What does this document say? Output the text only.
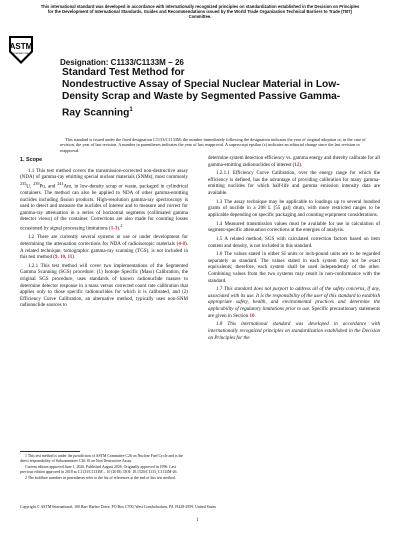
This international standard was developed in accordance with internationally recognized principles on standardization established in the Decision on Principles for the Development of International Standards, Guides and Recommendations issued by the World Trade Organization Technical Barriers to Trade (TBT) Committee.
ASTM
INTERNATIONAL
Designation: C1133/C1133M − 26
Standard Test Method for
Nondestructive Assay of Special Nuclear Material in Low-
Density Scrap and Waste by Segmented Passive Gamma-
Ray Scanning$^1$
This standard is issued under the fixed designation C1133/C1133M; the number immediately following the designation indicates the year of original adoption or, in the case of revision, the year of last revision. A number in parentheses indicates the year of last reapproval. A superscript epsilon (ε) indicates an editorial change since the last revision or reapproval.

1. Scope

1.1 This test method covers the transmission-corrected non-destructive assay (NDA) of gamma-ray emitting special nuclear materials (SNMs), most commonly $^{235}$U, $^{239}$Pu, and $^{241}$Am, in low-density scrap or waste, packaged in cylindrical containers. The method can also be applied to NDA of other gamma-emitting nuclides including fission products. High-resolution gamma-ray spectroscopy is used to detect and measure the nuclides of interest and to measure and correct for gamma-ray attenuation in a series of horizontal segments (collimated gamma detector views) of the container. Corrections are also made for counting losses occasioned by signal processing limitations (1-3).$^2$

1.2 There are currently several systems in use or under development for determining the attenuation corrections for NDA of radioisotopic materials (4-8). A related technique, tomographic gamma-ray scanning (TGS), is not included in this test method (9, 10, 11).

1.2.1 This test method will cover two implementations of the Segmented Gamma Scanning (SGS) procedure: (1) Isotope Specific (Mass) Calibration, the original SGS procedure, uses standards of known radionuclide masses to determine detector response in a mass versus corrected count rate calibration that applies only to those specific radionuclides for which it is calibrated, and (2) Efficiency Curve Calibration, an alternative method, typically uses non-SNM radionuclide sources to

determine system detection efficiency vs. gamma energy and thereby calibrate for all gamma-emitting radionuclides of interest (12).

1.2.1.1 Efficiency Curve Calibration, over the energy range for which the efficiency is defined, has the advantage of providing calibration for many gamma-emitting nuclides for which half-life and gamma emission intensity data are available.

1.3 The assay technique may be applicable to loadings up to several hundred grams of nuclide in a 208 L [55 gal] drum, with more restricted ranges to be applicable depending on specific packaging and counting equipment considerations.

1.4 Measured transmission values must be available for use in calculation of segment-specific attenuation corrections at the energies of analysis.

1.5 A related method, SGS with calculated correction factors based on item content and density, is not included in this standard.

1.6 The values stated in either SI units or inch-pound units are to be regarded separately as standard. The values stated in each system may not be exact equivalents; therefore, each system shall be used independently of the other. Combining values from the two systems may result in non-conformance with the standard.

1.7 This standard does not purport to address all of the safety concerns, if any, associated with its use. It is the responsibility of the user of this standard to establish appropriate safety, health, and environmental practices and determine the applicability of regulatory limitations prior to use. Specific precautionary statements are given in Section 10.

1.8 This international standard was developed in accordance with internationally recognized principles on standardization established in the Decision on Principles for the

1 This test method is under the jurisdiction of ASTM Committee C26 on Nuclear Fuel Cycle and is the direct responsibility of Subcommittee C26.10 on Non Destructive Assay.

Current edition approved June 1, 2026. Published August 2026. Originally approved in 1996. Last previous edition approved in 2018 as C1133/C1133M – 10 (2018). DOI: 10.1520/C1133_C1133M-26.

2 The boldface numbers in parentheses refer to the list of references at the end of this test method.

Copyright © ASTM International, 100 Barr Harbor Drive, PO Box C700, West Conshohocken, PA 19428-2959. United States
1
